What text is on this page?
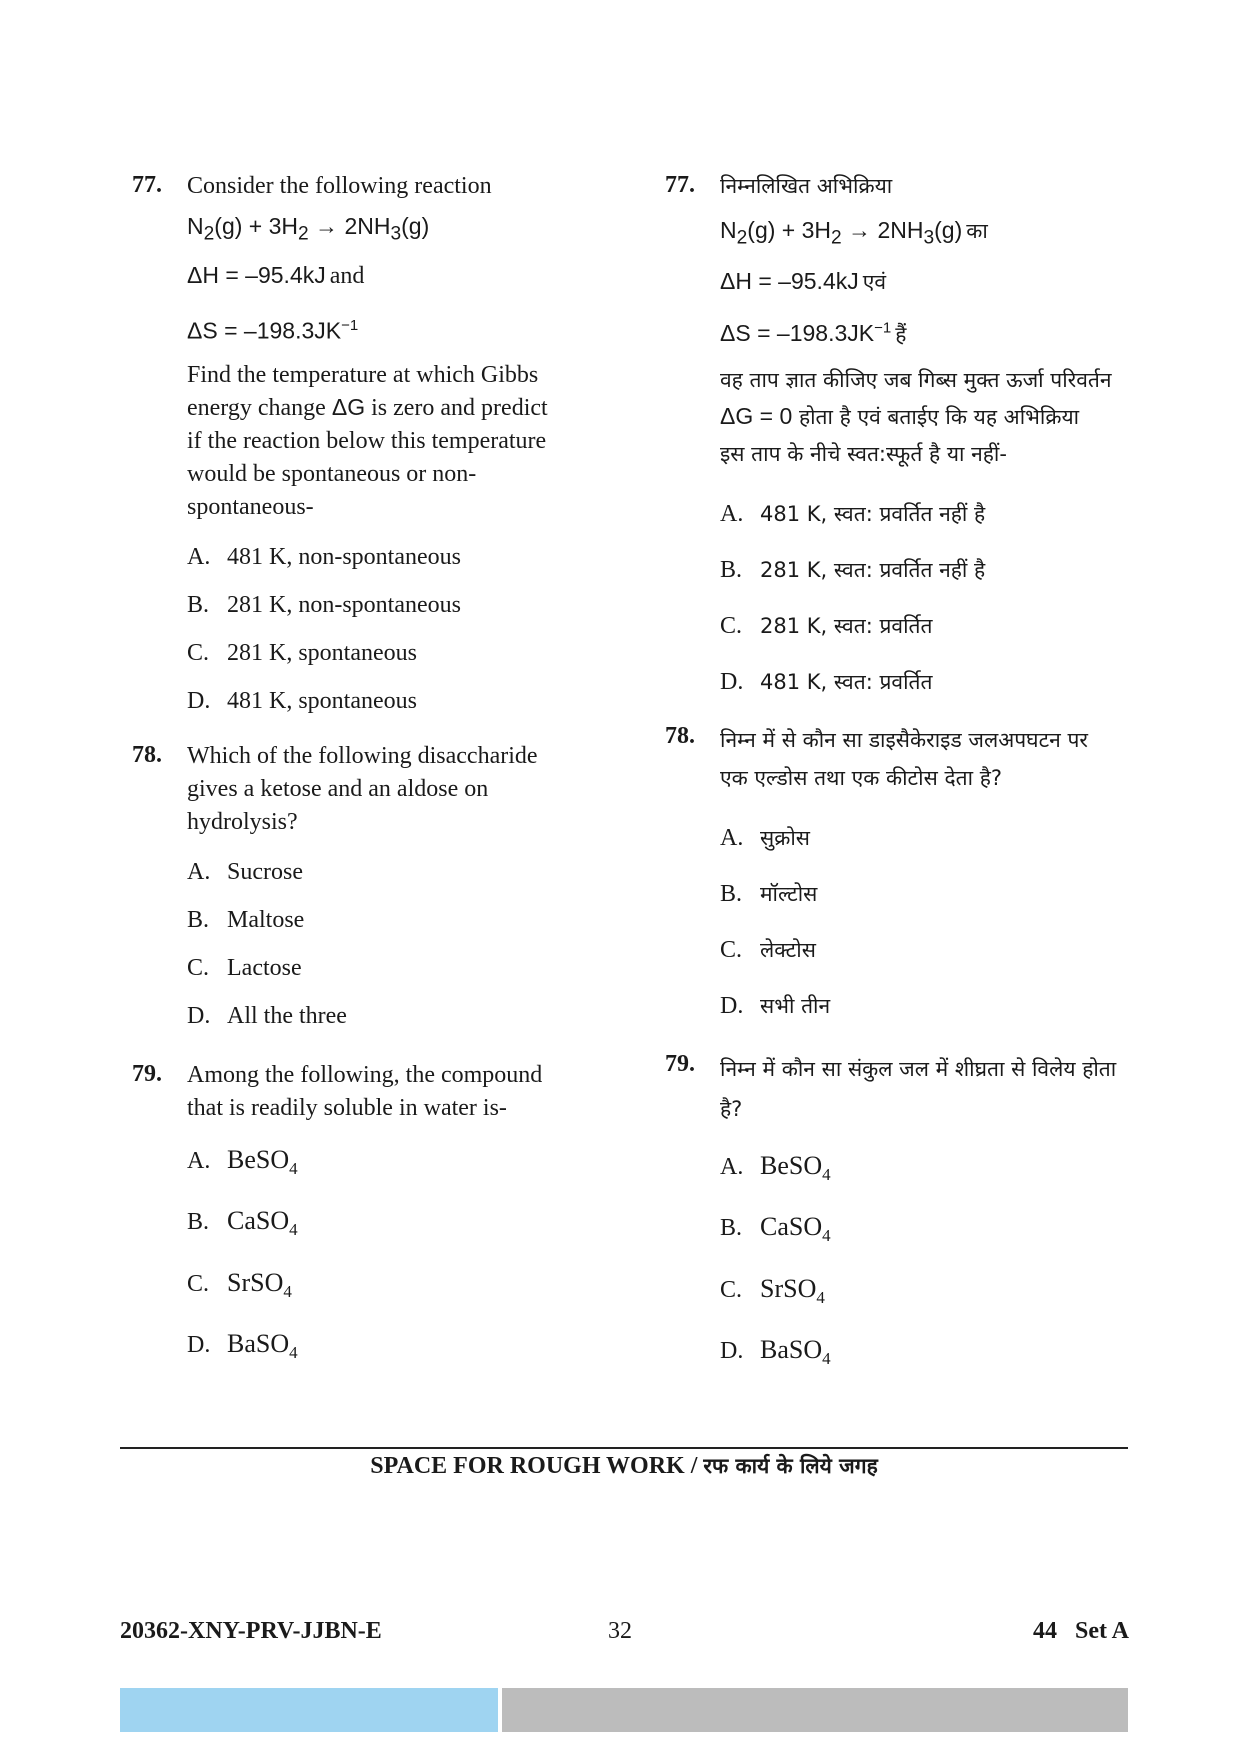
77. Consider the following reaction
$N_2(g) + 3H_2 \to 2NH_3(g)$
ΔH = –95.4kJ and
$\Delta S = -198.3JK^{-1}$
Find the temperature at which Gibbs energy change ΔG is zero and predict if the reaction below this temperature would be spontaneous or non-spontaneous-
A. 481 K, non-spontaneous
B. 281 K, non-spontaneous
C. 281 K, spontaneous
D. 481 K, spontaneous
78. Which of the following disaccharide gives a ketose and an aldose on hydrolysis?
A. Sucrose
B. Maltose
C. Lactose
D. All the three
79. Among the following, the compound that is readily soluble in water is-
A. BeSO$_4$
B. CaSO$_4$
C. SrSO$_4$
D. BaSO$_4$
77. निम्नलिखित अभिक्रिया
$N_2(g) + 3H_2 \to 2NH_3(g)$ का
ΔH = –95.4kJ एवं
$\Delta S = -198.3JK^{-1}$ हैं
वह ताप ज्ञात कीजिए जब गिब्स मुक्त ऊर्जा परिवर्तन
ΔG = 0 होता है एवं बताईए कि यह अभिक्रिया
इस ताप के नीचे स्वत:स्फूर्त है या नहीं-
A. 481 K, स्वत: प्रवर्तित नहीं है
B. 281 K, स्वत: प्रवर्तित नहीं है
C. 281 K, स्वत: प्रवर्तित
D. 481 K, स्वत: प्रवर्तित
78. निम्न में से कौन सा डाइसैकेराइड जलअपघटन पर एक एल्डोस तथा एक कीटोस देता है?
A. सुक्रोस
B. मॉल्टोस
C. लेक्टोस
D. सभी तीन
79. निम्न में कौन सा संकुल जल में शीघ्रता से विलेय होता है?
A. BeSO$_4$
B. CaSO$_4$
C. SrSO$_4$
D. BaSO$_4$
SPACE FOR ROUGH WORK / रफ कार्य के लिये जगह
20362-XNY-PRV-JJBN-E	32	44   Set A
